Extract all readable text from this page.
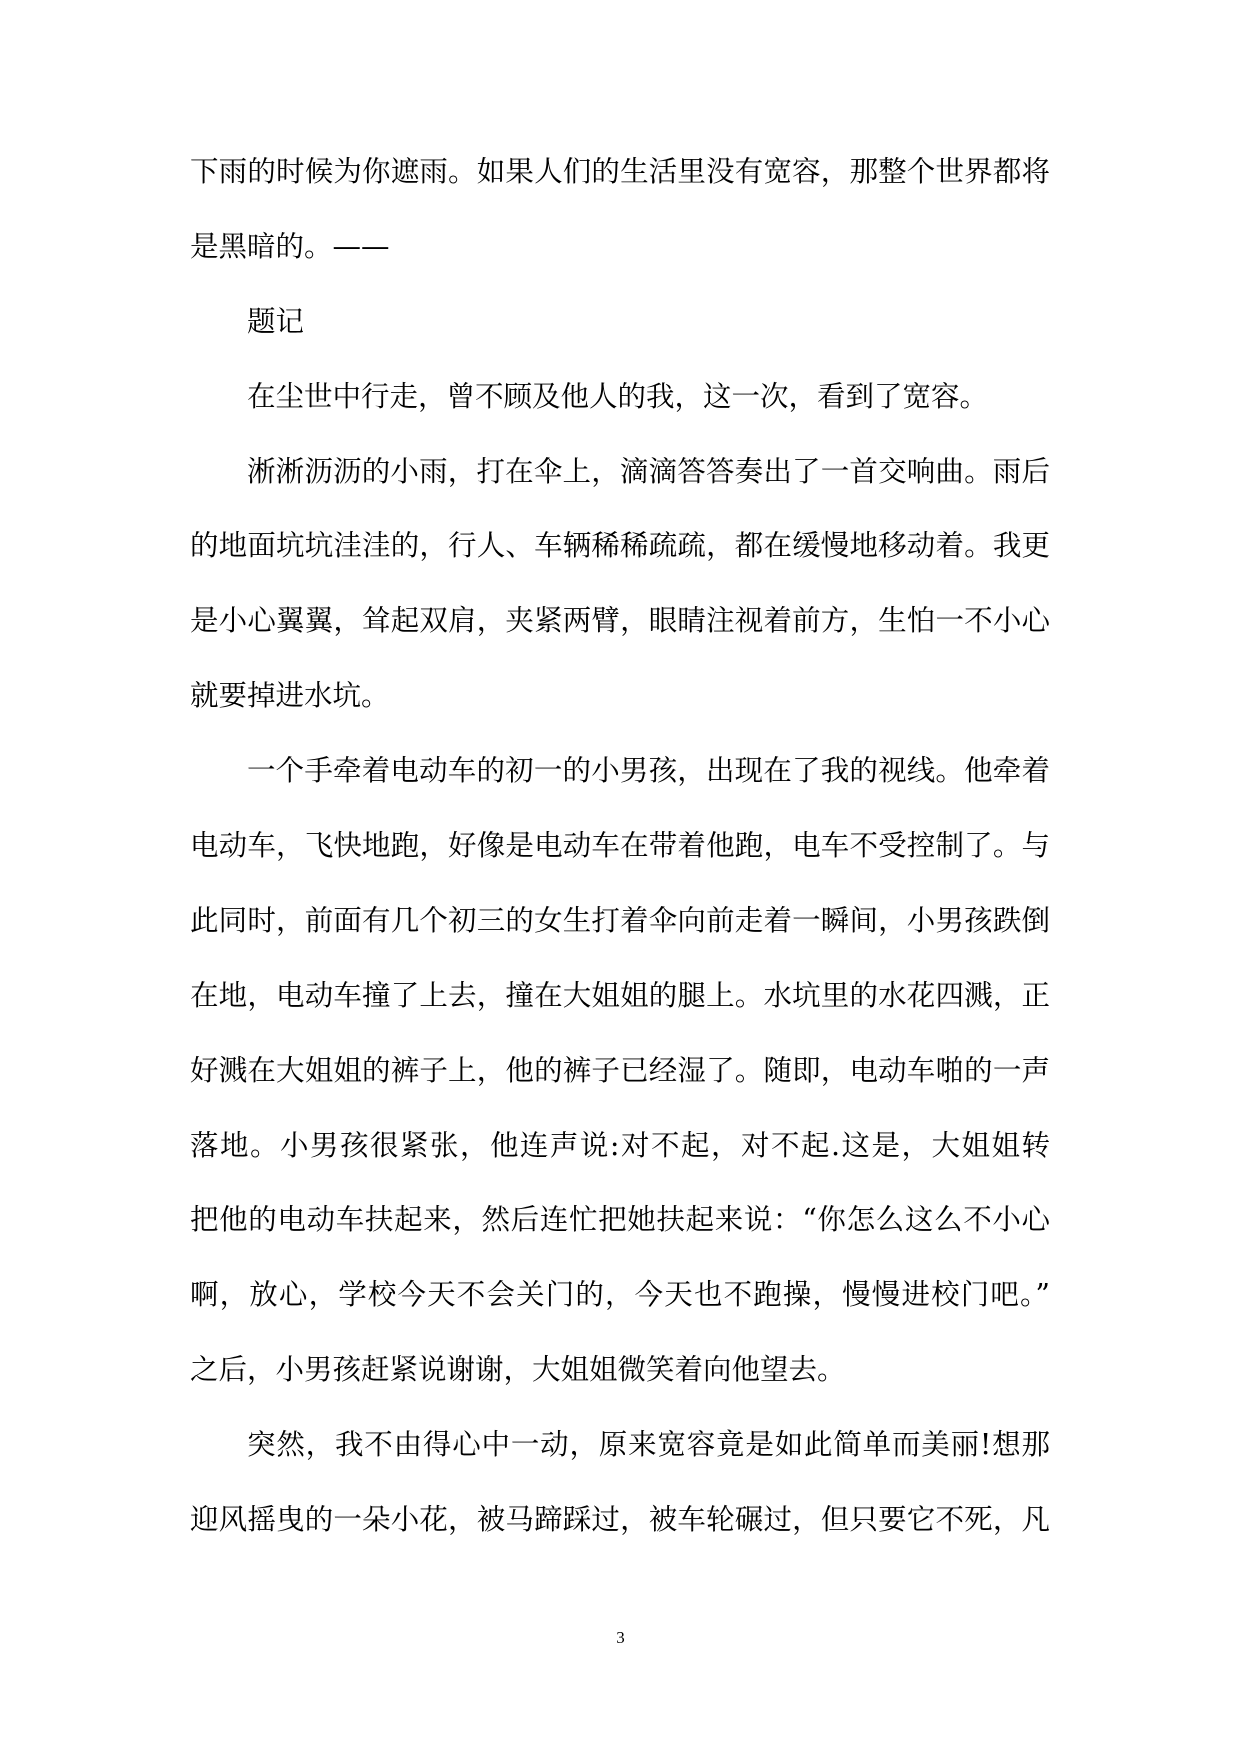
下雨的时候为你遮雨。如果人们的生活里没有宽容，那整个世界都将
是黑暗的。——
题记
在尘世中行走，曾不顾及他人的我，这一次，看到了宽容。
淅淅沥沥的小雨，打在伞上，滴滴答答奏出了一首交响曲。雨后
的地面坑坑洼洼的，行人、车辆稀稀疏疏，都在缓慢地移动着。我更
是小心翼翼，耸起双肩，夹紧两臂，眼睛注视着前方，生怕一不小心
就要掉进水坑。
一个手牵着电动车的初一的小男孩，出现在了我的视线。他牵着
电动车，飞快地跑，好像是电动车在带着他跑，电车不受控制了。与
此同时，前面有几个初三的女生打着伞向前走着一瞬间，小男孩跌倒
在地，电动车撞了上去，撞在大姐姐的腿上。水坑里的水花四溅，正
好溅在大姐姐的裤子上，他的裤子已经湿了。随即，电动车啪的一声
落地。小男孩很紧张，他连声说:对不起，对不起.这是，大姐姐转
把他的电动车扶起来，然后连忙把她扶起来说：“你怎么这么不小心
啊，放心，学校今天不会关门的，今天也不跑操，慢慢进校门吧。”
之后，小男孩赶紧说谢谢，大姐姐微笑着向他望去。
突然，我不由得心中一动，原来宽容竟是如此简单而美丽!想那
迎风摇曳的一朵小花，被马蹄踩过，被车轮碾过，但只要它不死，凡
3
